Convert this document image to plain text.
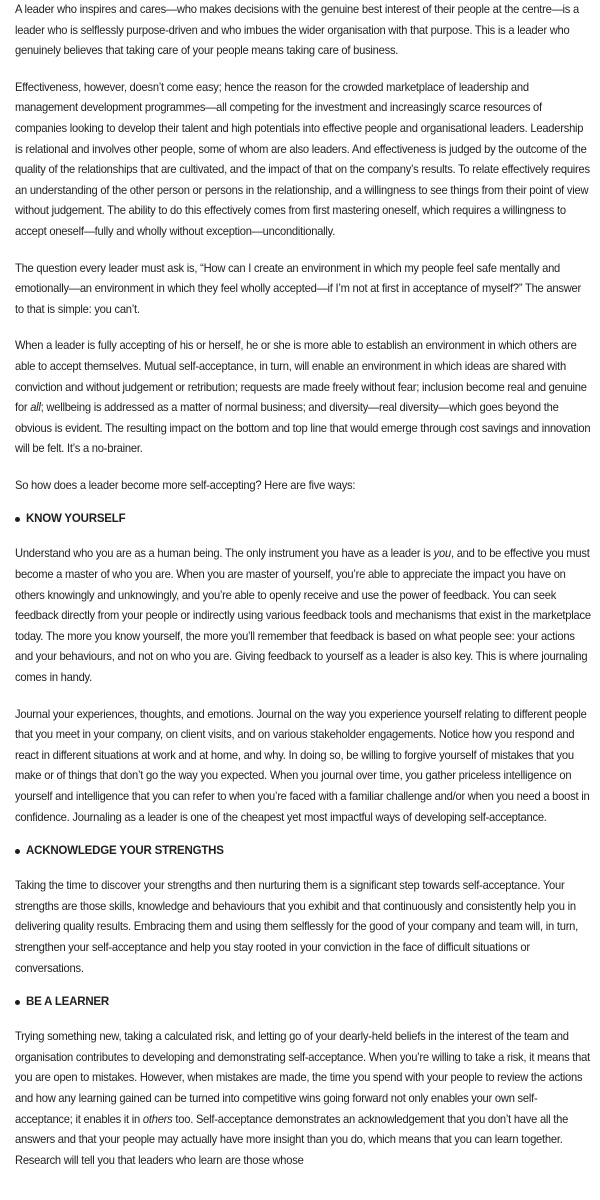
A leader who inspires and cares—who makes decisions with the genuine best interest of their people at the centre—is a leader who is selflessly purpose-driven and who imbues the wider organisation with that purpose. This is a leader who genuinely believes that taking care of your people means taking care of business.

Effectiveness, however, doesn’t come easy; hence the reason for the crowded marketplace of leadership and management development programmes—all competing for the investment and increasingly scarce resources of companies looking to develop their talent and high potentials into effective people and organisational leaders. Leadership is relational and involves other people, some of whom are also leaders. And effectiveness is judged by the outcome of the quality of the relationships that are cultivated, and the impact of that on the company’s results. To relate effectively requires an understanding of the other person or persons in the relationship, and a willingness to see things from their point of view without judgement. The ability to do this effectively comes from first mastering oneself, which requires a willingness to accept oneself—fully and wholly without exception—unconditionally.

The question every leader must ask is, “How can I create an environment in which my people feel safe mentally and emotionally—an environment in which they feel wholly accepted—if I’m not at first in acceptance of myself?” The answer to that is simple: you can’t.

When a leader is fully accepting of his or herself, he or she is more able to establish an environment in which others are able to accept themselves. Mutual self-acceptance, in turn, will enable an environment in which ideas are shared with conviction and without judgement or retribution; requests are made freely without fear; inclusion become real and genuine for all; wellbeing is addressed as a matter of normal business; and diversity—real diversity—which goes beyond the obvious is evident. The resulting impact on the bottom and top line that would emerge through cost savings and innovation will be felt. It’s a no-brainer.

So how does a leader become more self-accepting? Here are five ways:

KNOW YOURSELF

Understand who you are as a human being. The only instrument you have as a leader is you, and to be effective you must become a master of who you are. When you are master of yourself, you’re able to appreciate the impact you have on others knowingly and unknowingly, and you’re able to openly receive and use the power of feedback. You can seek feedback directly from your people or indirectly using various feedback tools and mechanisms that exist in the marketplace today. The more you know yourself, the more you’ll remember that feedback is based on what people see: your actions and your behaviours, and not on who you are. Giving feedback to yourself as a leader is also key. This is where journaling comes in handy.

Journal your experiences, thoughts, and emotions. Journal on the way you experience yourself relating to different people that you meet in your company, on client visits, and on various stakeholder engagements. Notice how you respond and react in different situations at work and at home, and why. In doing so, be willing to forgive yourself of mistakes that you make or of things that don’t go the way you expected. When you journal over time, you gather priceless intelligence on yourself and intelligence that you can refer to when you’re faced with a familiar challenge and/or when you need a boost in confidence. Journaling as a leader is one of the cheapest yet most impactful ways of developing self-acceptance.

ACKNOWLEDGE YOUR STRENGTHS

Taking the time to discover your strengths and then nurturing them is a significant step towards self-acceptance. Your strengths are those skills, knowledge and behaviours that you exhibit and that continuously and consistently help you in delivering quality results. Embracing them and using them selflessly for the good of your company and team will, in turn, strengthen your self-acceptance and help you stay rooted in your conviction in the face of difficult situations or conversations.

BE A LEARNER

Trying something new, taking a calculated risk, and letting go of your dearly-held beliefs in the interest of the team and organisation contributes to developing and demonstrating self-acceptance. When you’re willing to take a risk, it means that you are open to mistakes. However, when mistakes are made, the time you spend with your people to review the actions and how any learning gained can be turned into competitive wins going forward not only enables your own self-acceptance; it enables it in others too. Self-acceptance demonstrates an acknowledgement that you don’t have all the answers and that your people may actually have more insight than you do, which means that you can learn together. Research will tell you that leaders who learn are those whose
